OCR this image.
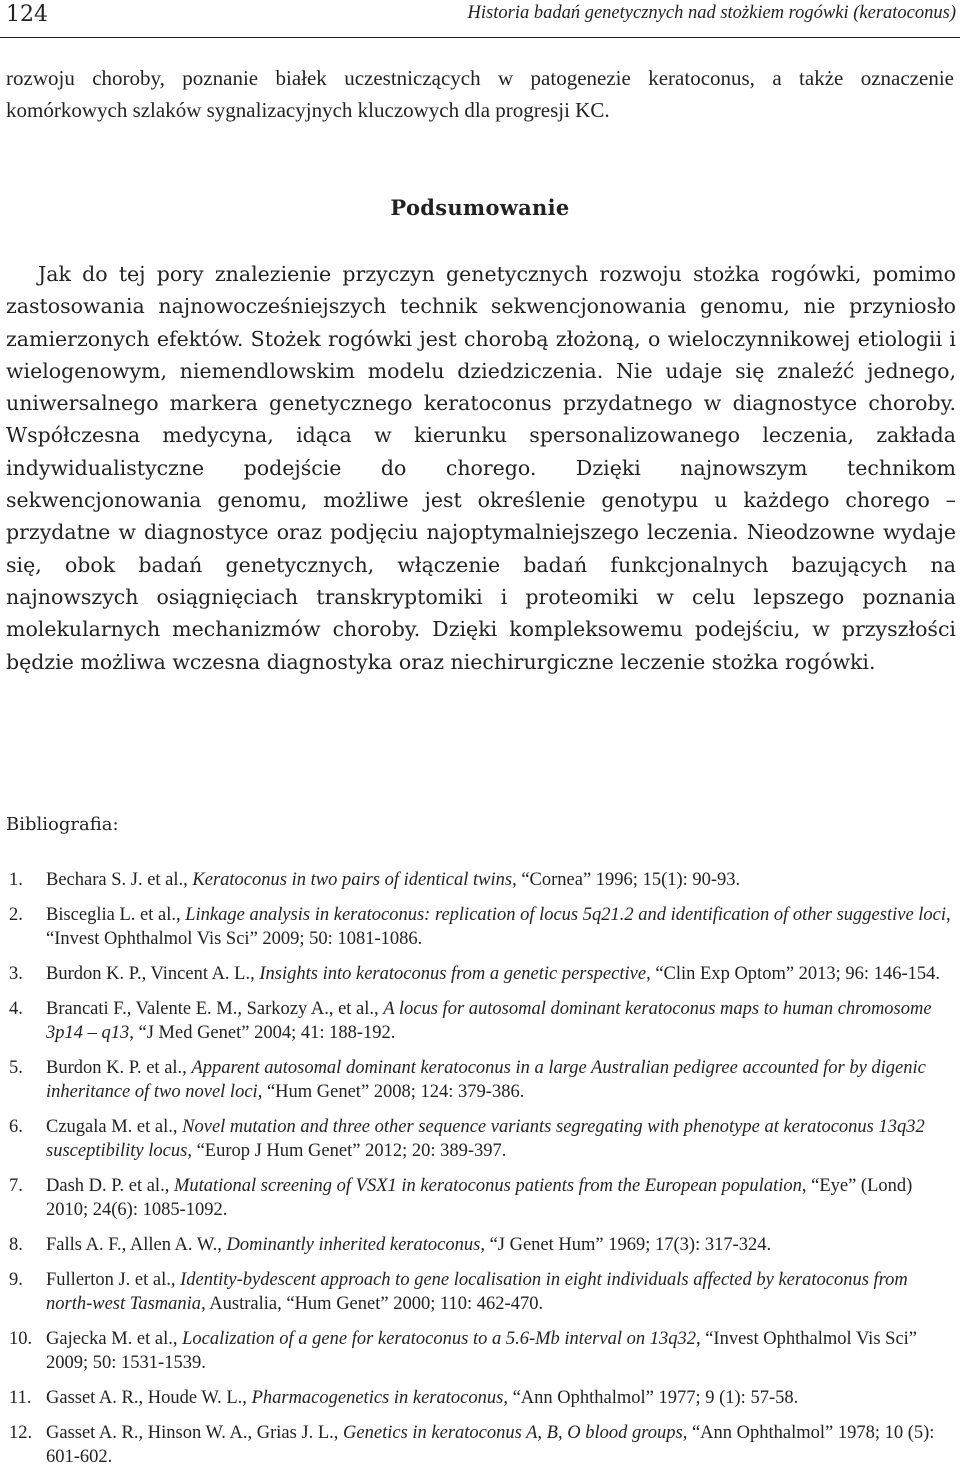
124	Historia badań genetycznych nad stożkiem rogówki (keratoconus)

rozwoju choroby, poznanie białek uczestniczących w patogenezie keratoconus, a także oznaczenie komórkowych szlaków sygnalizacyjnych kluczowych dla progresji KC.

Podsumowanie

Jak do tej pory znalezienie przyczyn genetycznych rozwoju stożka rogówki, pomimo zastosowania najnowocześniejszych technik sekwencjonowania genomu, nie przyniosło zamierzonych efektów. Stożek rogówki jest chorobą złożoną, o wieloczynnikowej etiologii i wielogenowym, niemendlowskim modelu dziedziczenia. Nie udaje się znaleźć jednego, uniwersalnego markera genetycznego keratoconus przydatnego w diagnostyce choroby. Współczesna medycyna, idąca w kierunku spersonalizowanego leczenia, zakłada indywidualistyczne podejście do chorego. Dzięki najnowszym technikom sekwencjonowania genomu, możliwe jest określenie genotypu u każdego chorego – przydatne w diagnostyce oraz podjęciu najoptymalniejszego leczenia. Nieodzowne wydaje się, obok badań genetycznych, włączenie badań funkcjonalnych bazujących na najnowszych osiągnięciach transkryptomiki i proteomiki w celu lepszego poznania molekularnych mechanizmów choroby. Dzięki kompleksowemu podejściu, w przyszłości będzie możliwa wczesna diagnostyka oraz niechirurgiczne leczenie stożka rogówki.

Bibliografia:
1. Bechara S. J. et al., Keratoconus in two pairs of identical twins, “Cornea” 1996; 15(1): 90-93.
2. Bisceglia L. et al., Linkage analysis in keratoconus: replication of locus 5q21.2 and identification of other suggestive loci, “Invest Ophthalmol Vis Sci” 2009; 50: 1081-1086.
3. Burdon K. P., Vincent A. L., Insights into keratoconus from a genetic perspective, “Clin Exp Optom” 2013; 96: 146-154.
4. Brancati F., Valente E. M., Sarkozy A., et al., A locus for autosomal dominant keratoconus maps to human chromosome 3p14 – q13, “J Med Genet” 2004; 41: 188-192.
5. Burdon K. P. et al., Apparent autosomal dominant keratoconus in a large Australian pedigree accounted for by digenic inheritance of two novel loci, “Hum Genet” 2008; 124: 379-386.
6. Czugala M. et al., Novel mutation and three other sequence variants segregating with phenotype at keratoconus 13q32 susceptibility locus, “Europ J Hum Genet” 2012; 20: 389-397.
7. Dash D. P. et al., Mutational screening of VSX1 in keratoconus patients from the European population, “Eye” (Lond) 2010; 24(6): 1085-1092.
8. Falls A. F., Allen A. W., Dominantly inherited keratoconus, “J Genet Hum” 1969; 17(3): 317-324.
9. Fullerton J. et al., Identity-bydescent approach to gene localisation in eight individuals affected by keratoconus from north-west Tasmania, Australia, “Hum Genet” 2000; 110: 462-470.
10. Gajecka M. et al., Localization of a gene for keratoconus to a 5.6-Mb interval on 13q32, “Invest Ophthalmol Vis Sci” 2009; 50: 1531-1539.
11. Gasset A. R., Houde W. L., Pharmacogenetics in keratoconus, “Ann Ophthalmol” 1977; 9 (1): 57-58.
12. Gasset A. R., Hinson W. A., Grias J. L., Genetics in keratoconus A, B, O blood groups, “Ann Ophthalmol” 1978; 10 (5): 601-602.
